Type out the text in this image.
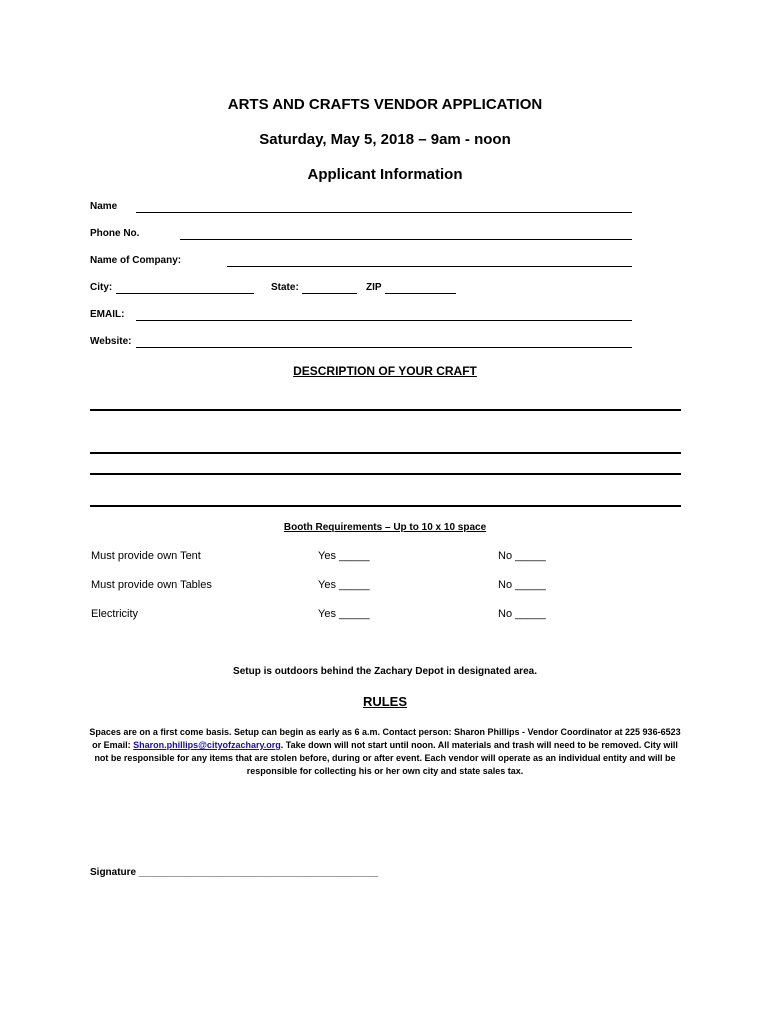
ARTS AND CRAFTS VENDOR APPLICATION
Saturday, May 5, 2018 – 9am - noon
Applicant Information
Name
Phone No.
Name of Company:
City:	State:	ZIP
EMAIL:
Website:
DESCRIPTION OF YOUR CRAFT
Booth Requirements – Up to 10 x 10 space
Must provide own Tent	Yes _____	No _____
Must provide own Tables	Yes _____	No _____
Electricity	Yes _____	No _____
Setup is outdoors behind the Zachary Depot in designated area.
RULES
Spaces are on a first come basis. Setup can begin as early as 6 a.m. Contact person: Sharon Phillips - Vendor Coordinator at 225 936-6523 or Email: Sharon.phillips@cityofzachary.org. Take down will not start until noon. All materials and trash will need to be removed. City will not be responsible for any items that are stolen before, during or after event. Each vendor will operate as an individual entity and will be responsible for collecting his or her own city and state sales tax.
Signature ___________________________________________
